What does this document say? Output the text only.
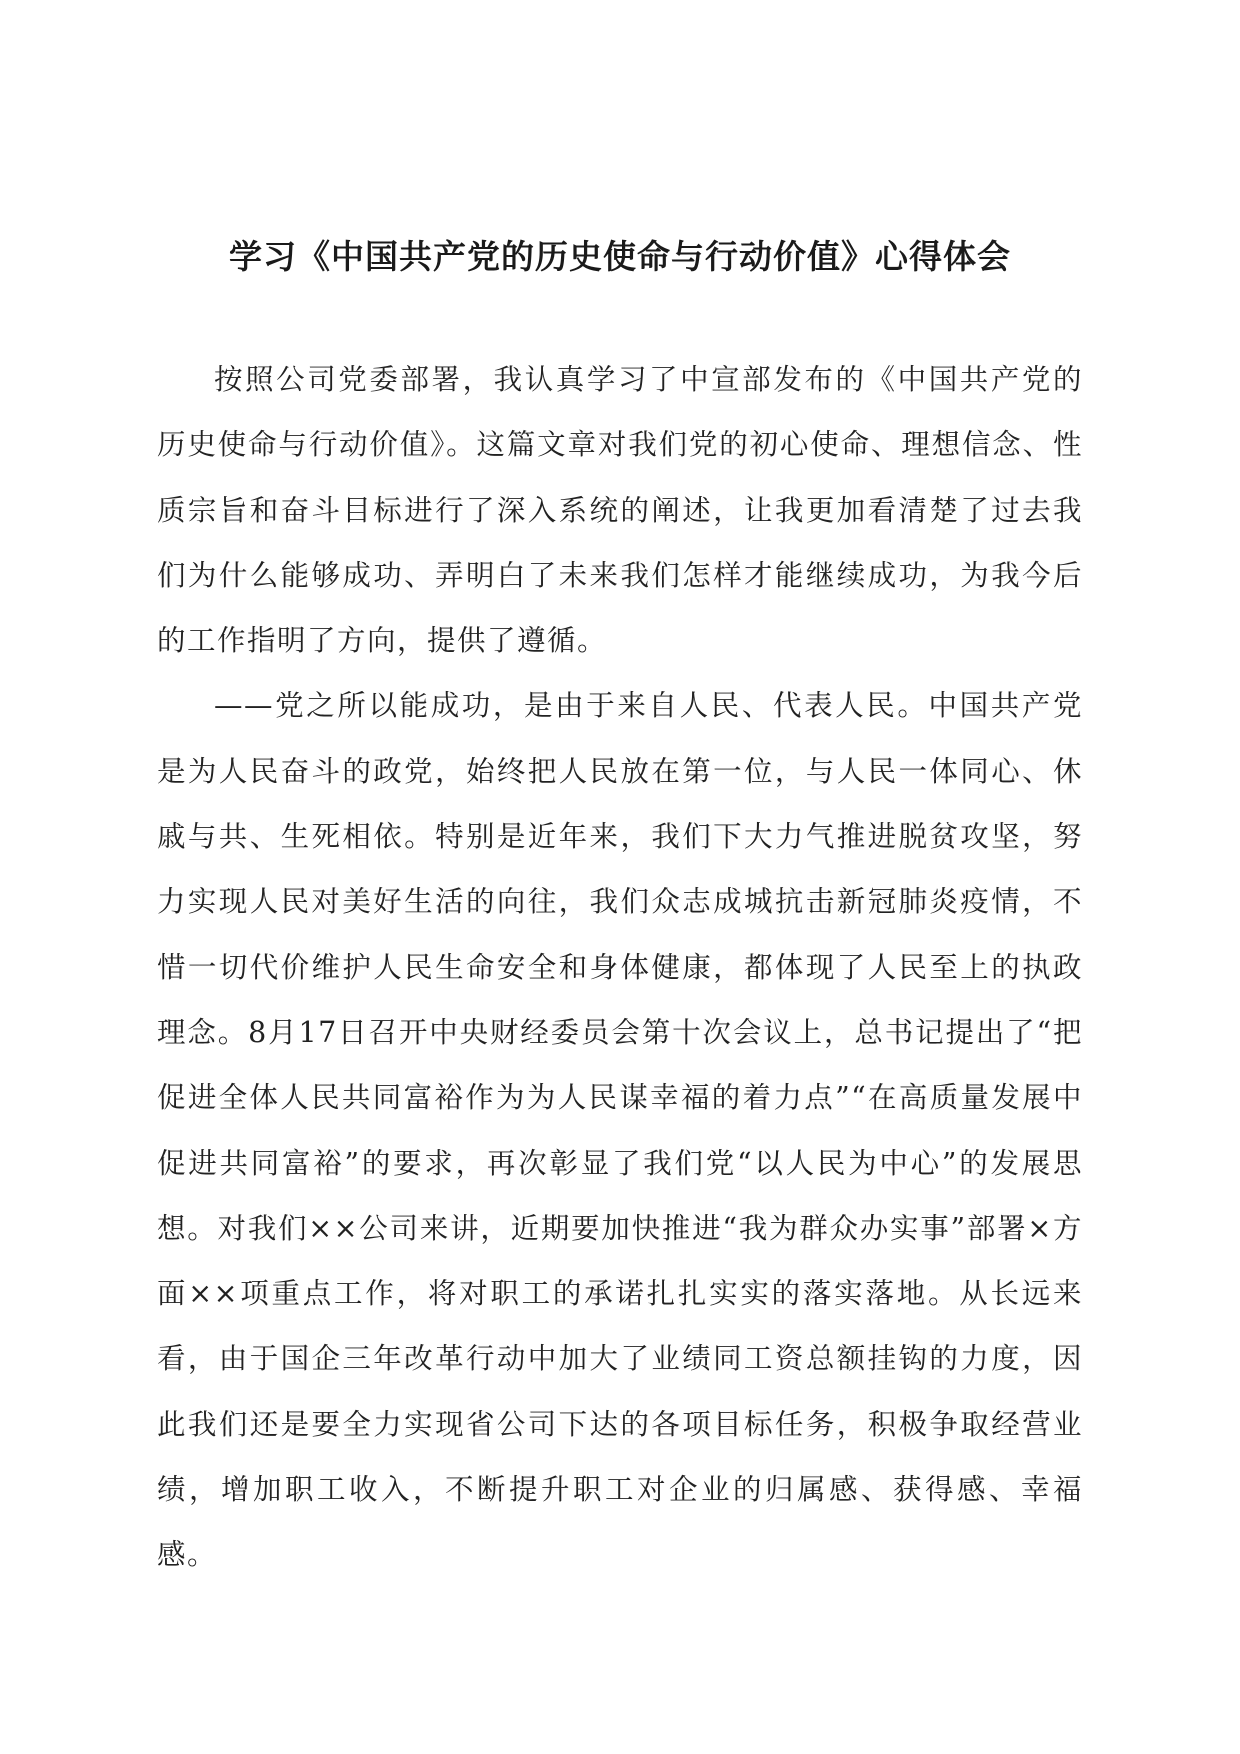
学习《中国共产党的历史使命与行动价值》心得体会

按照公司党委部署，我认真学习了中宣部发布的《中国共产党的历史使命与行动价值》。这篇文章对我们党的初心使命、理想信念、性质宗旨和奋斗目标进行了深入系统的阐述，让我更加看清楚了过去我们为什么能够成功、弄明白了未来我们怎样才能继续成功，为我今后的工作指明了方向，提供了遵循。

——党之所以能成功，是由于来自人民、代表人民。中国共产党是为人民奋斗的政党，始终把人民放在第一位，与人民一体同心、休戚与共、生死相依。特别是近年来，我们下大力气推进脱贫攻坚，努力实现人民对美好生活的向往，我们众志成城抗击新冠肺炎疫情，不惜一切代价维护人民生命安全和身体健康，都体现了人民至上的执政理念。8月17日召开中央财经委员会第十次会议上，总书记提出了“把促进全体人民共同富裕作为为人民谋幸福的着力点”“在高质量发展中促进共同富裕”的要求，再次彰显了我们党“以人民为中心”的发展思想。对我们××公司来讲，近期要加快推进“我为群众办实事”部署×方面××项重点工作，将对职工的承诺扎扎实实的落实落地。从长远来看，由于国企三年改革行动中加大了业绩同工资总额挂钩的力度，因此我们还是要全力实现省公司下达的各项目标任务，积极争取经营业绩，增加职工收入，不断提升职工对企业的归属感、获得感、幸福感。
